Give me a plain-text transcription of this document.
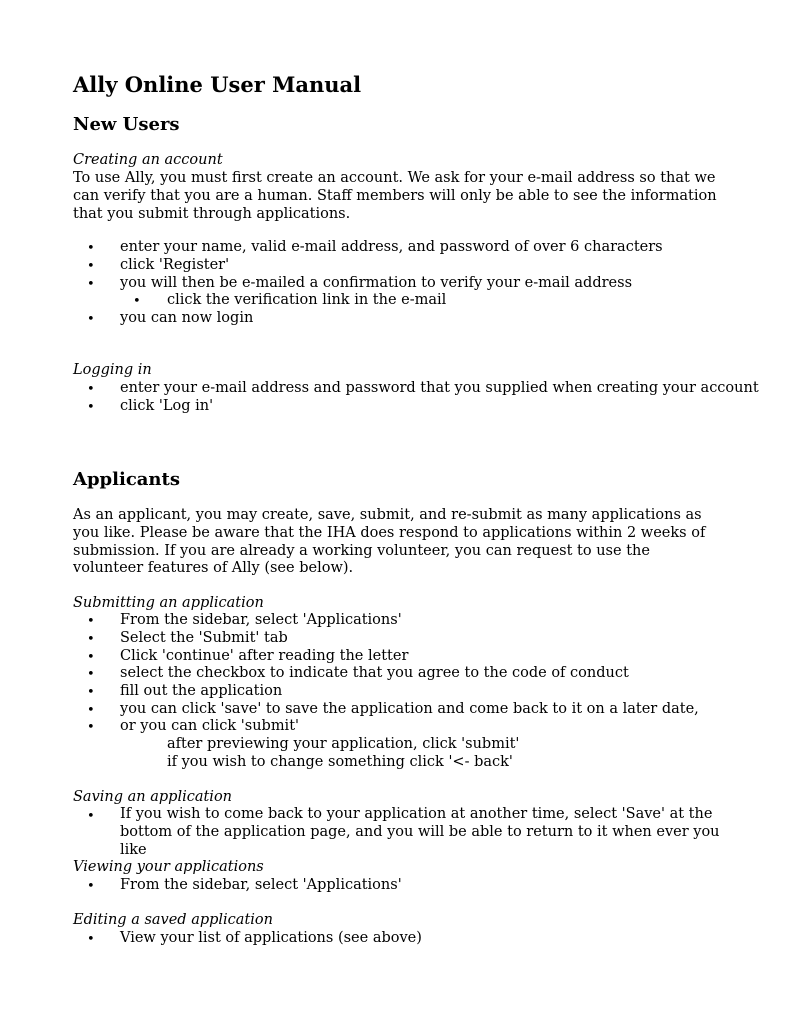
Ally Online User Manual
New Users
Creating an account

To use Ally, you must first create an account. We ask for your e-mail address so that we can verify that you are a human. Staff members will only be able to see the information that you submit through applications.

• enter your name, valid e-mail address, and password of over 6 characters
• click 'Register'
• you will then be e-mailed a confirmation to verify your e-mail address
• click the verification link in the e-mail
• you can now login
Logging in
• enter your e-mail address and password that you supplied when creating your account
• click 'Log in'
Applicants

As an applicant, you may create, save, submit, and re-submit as many applications as you like. Please be aware that the IHA does respond to applications within 2 weeks of submission. If you are already a working volunteer, you can request to use the volunteer features of Ally (see below).

Submitting an application
• From the sidebar, select 'Applications'
• Select the 'Submit' tab
• Click 'continue' after reading the letter
• select the checkbox to indicate that you agree to the code of conduct
• fill out the application
• you can click 'save' to save the application and come back to it on a later date,
• or you can click 'submit'
after previewing your application, click 'submit'
if you wish to change something click '<- back'
Saving an application
• If you wish to come back to your application at another time, select 'Save' at the bottom of the application page, and you will be able to return to it when ever you like

Viewing your applications
• From the sidebar, select 'Applications'
Editing a saved application
• View your list of applications (see above)
